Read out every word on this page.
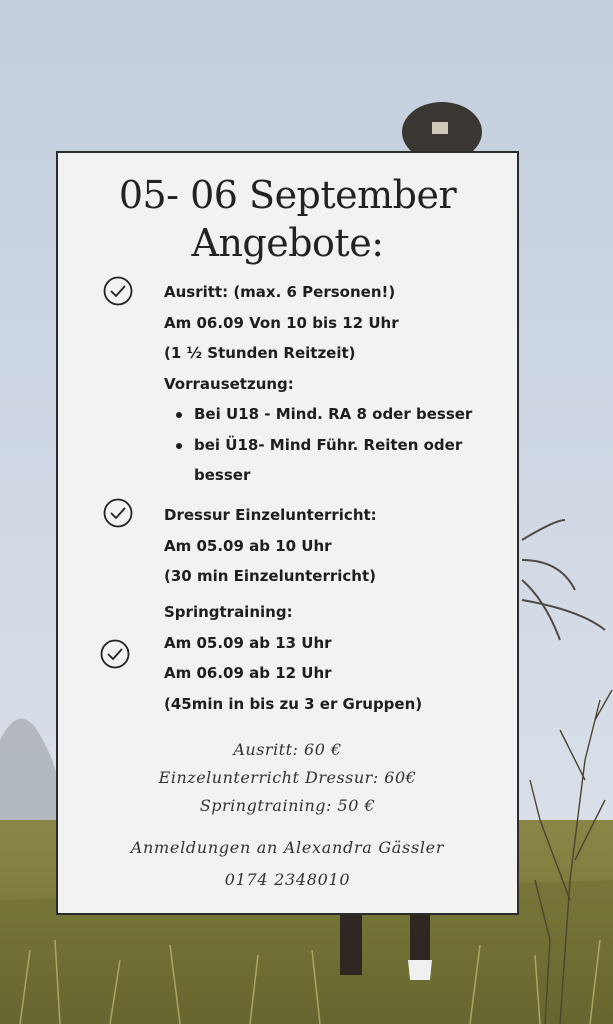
05- 06 September
Angebote:
Ausritt: (max. 6 Personen!)
Am 06.09 Von 10 bis 12 Uhr
(1 ½ Stunden Reitzeit)
Vorrausetzung:
Bei U18 - Mind. RA 8 oder besser
bei Ü18- Mind Führ. Reiten oder besser
Dressur Einzelunterricht:
Am 05.09 ab 10 Uhr
(30 min Einzelunterricht)
Springtraining:
Am 05.09 ab 13 Uhr
Am 06.09 ab 12 Uhr
(45min in bis zu 3 er Gruppen)
Ausritt: 60 €
Einzelunterricht Dressur: 60€
Springtraining: 50 €
Anmeldungen an Alexandra Gässler
0174 2348010
